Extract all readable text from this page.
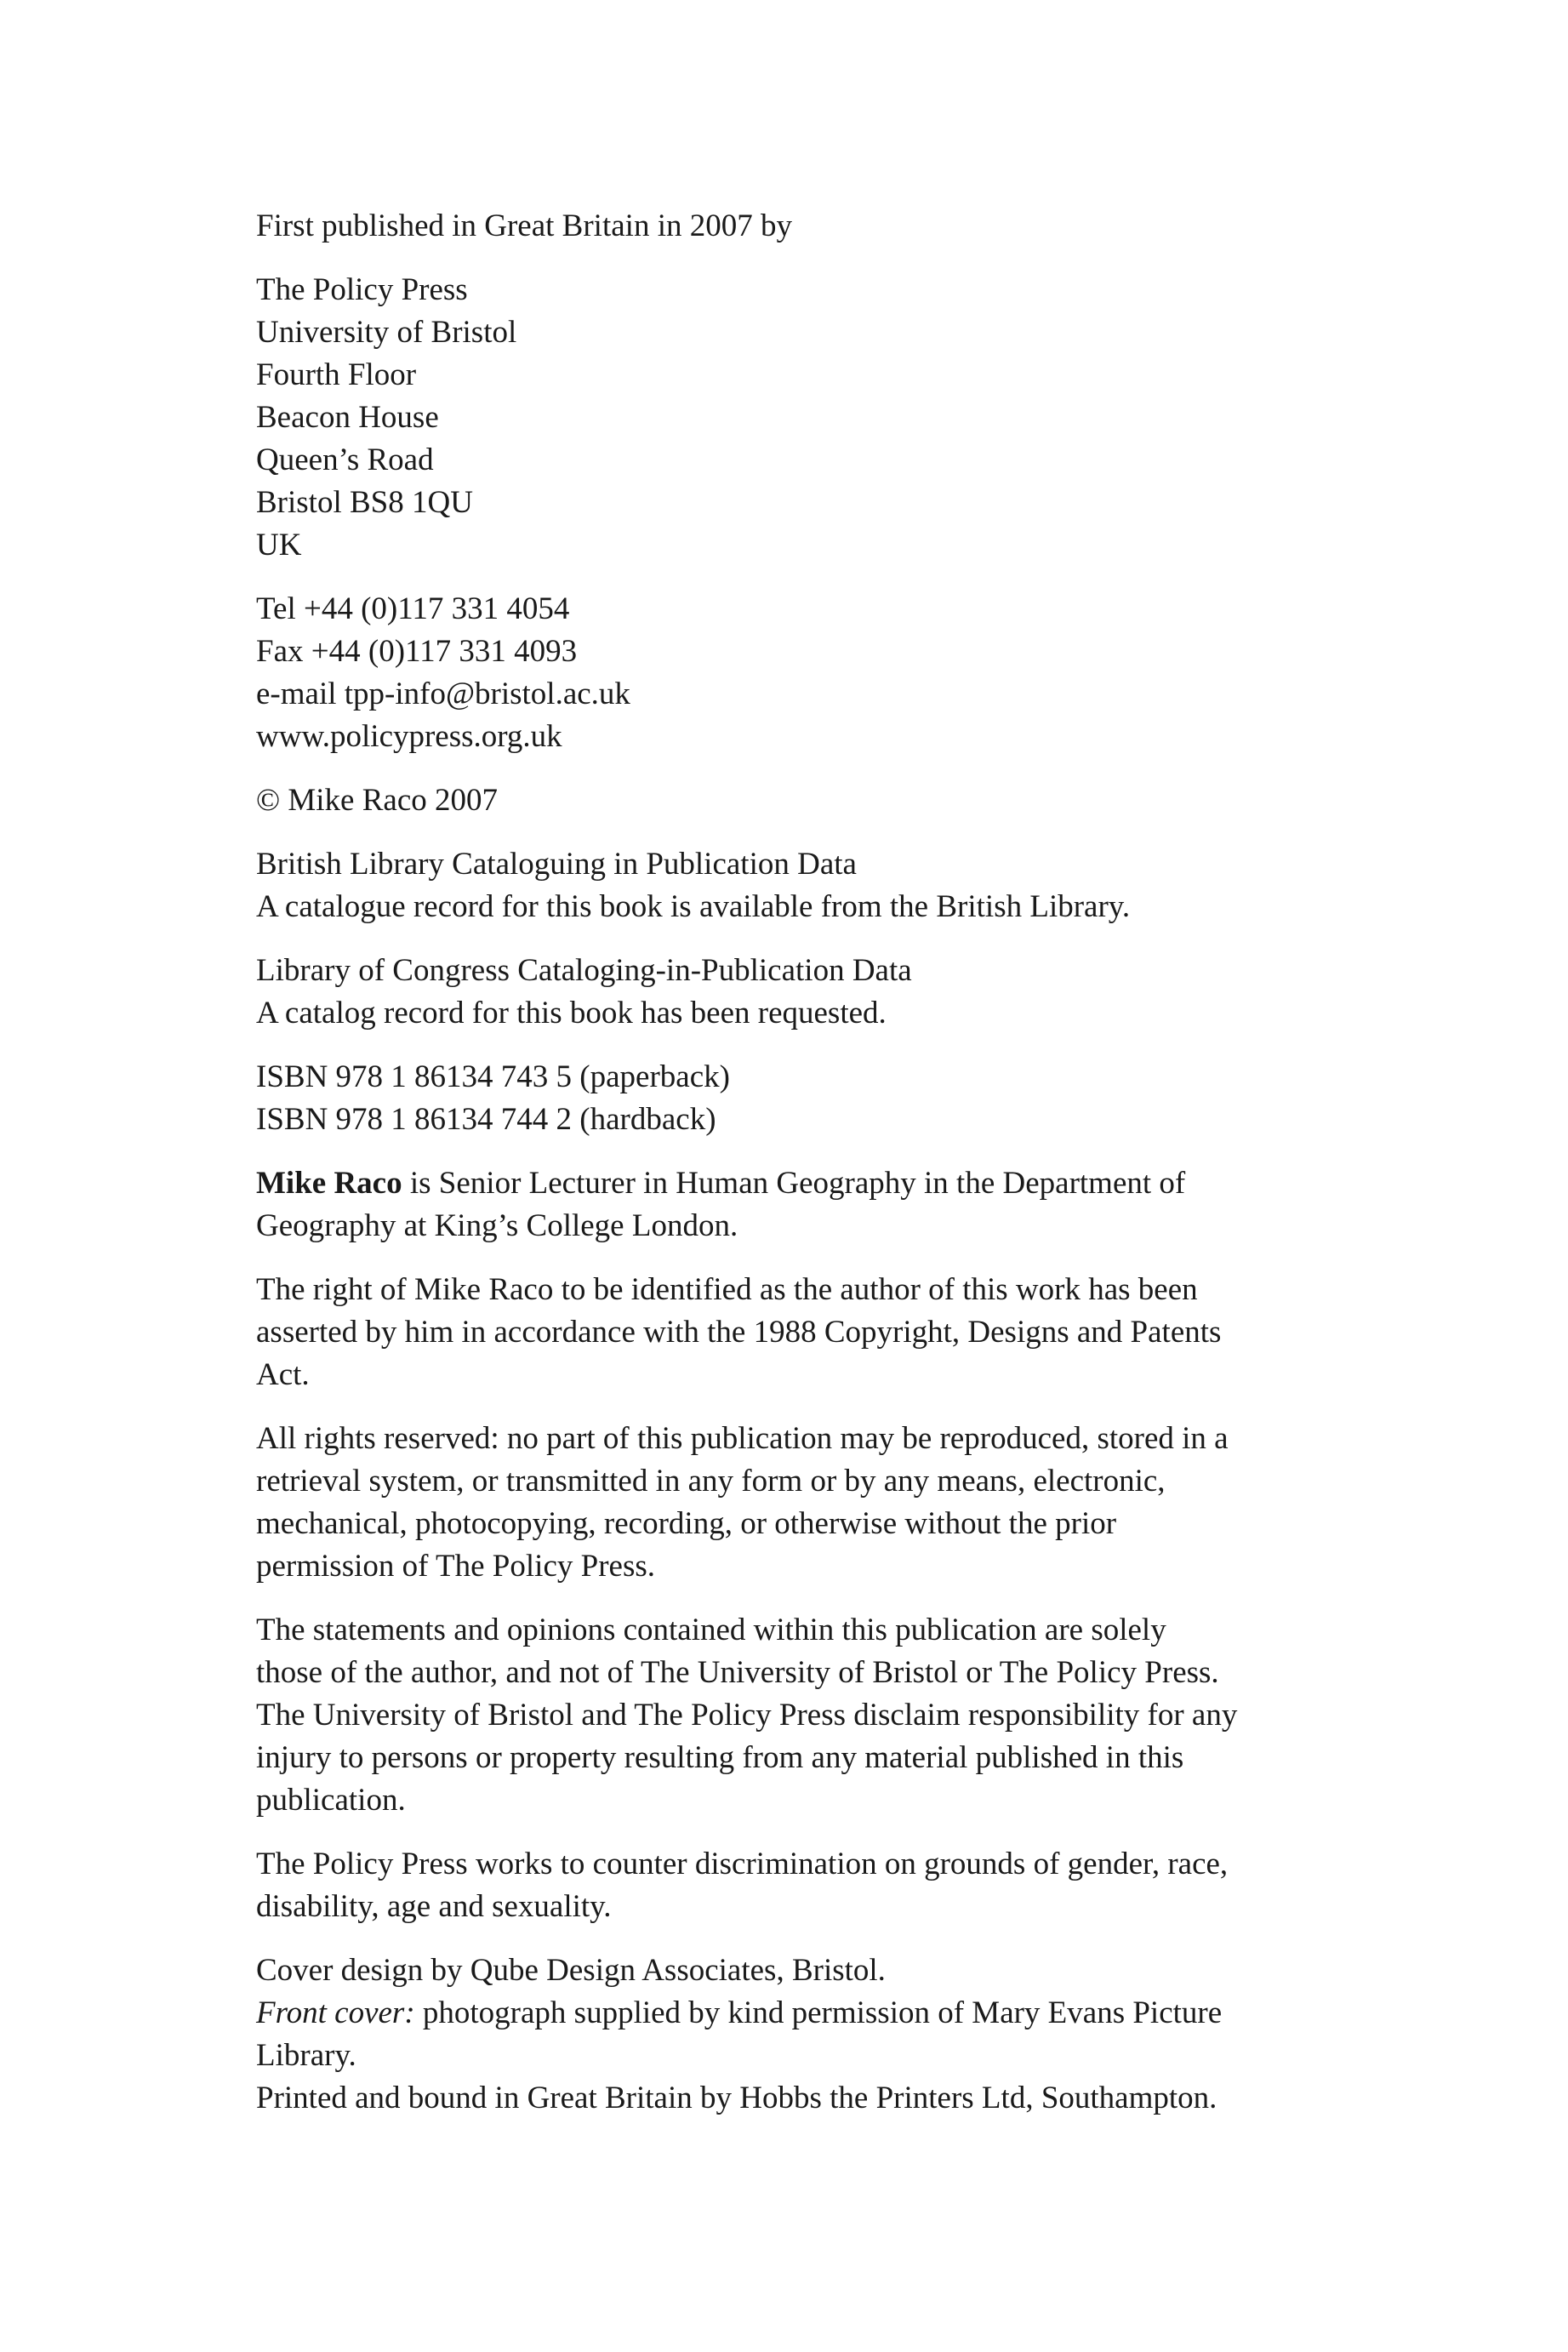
First published in Great Britain in 2007 by
The Policy Press
University of Bristol
Fourth Floor
Beacon House
Queen’s Road
Bristol BS8 1QU
UK
Tel +44 (0)117 331 4054
Fax +44 (0)117 331 4093
e-mail tpp-info@bristol.ac.uk
www.policypress.org.uk
© Mike Raco 2007
British Library Cataloguing in Publication Data
A catalogue record for this book is available from the British Library.
Library of Congress Cataloging-in-Publication Data
A catalog record for this book has been requested.
ISBN 978 1 86134 743 5 (paperback)
ISBN 978 1 86134 744 2 (hardback)
Mike Raco is Senior Lecturer in Human Geography in the Department of
Geography at King’s College London.
The right of Mike Raco to be identified as the author of this work has been
asserted by him in accordance with the 1988 Copyright, Designs and Patents
Act.
All rights reserved: no part of this publication may be reproduced, stored in a
retrieval system, or transmitted in any form or by any means, electronic,
mechanical, photocopying, recording, or otherwise without the prior
permission of The Policy Press.
The statements and opinions contained within this publication are solely
those of the author, and not of The University of Bristol or The Policy Press.
The University of Bristol and The Policy Press disclaim responsibility for any
injury to persons or property resulting from any material published in this
publication.
The Policy Press works to counter discrimination on grounds of gender, race,
disability, age and sexuality.
Cover design by Qube Design Associates, Bristol.
Front cover: photograph supplied by kind permission of Mary Evans Picture
Library.
Printed and bound in Great Britain by Hobbs the Printers Ltd, Southampton.
